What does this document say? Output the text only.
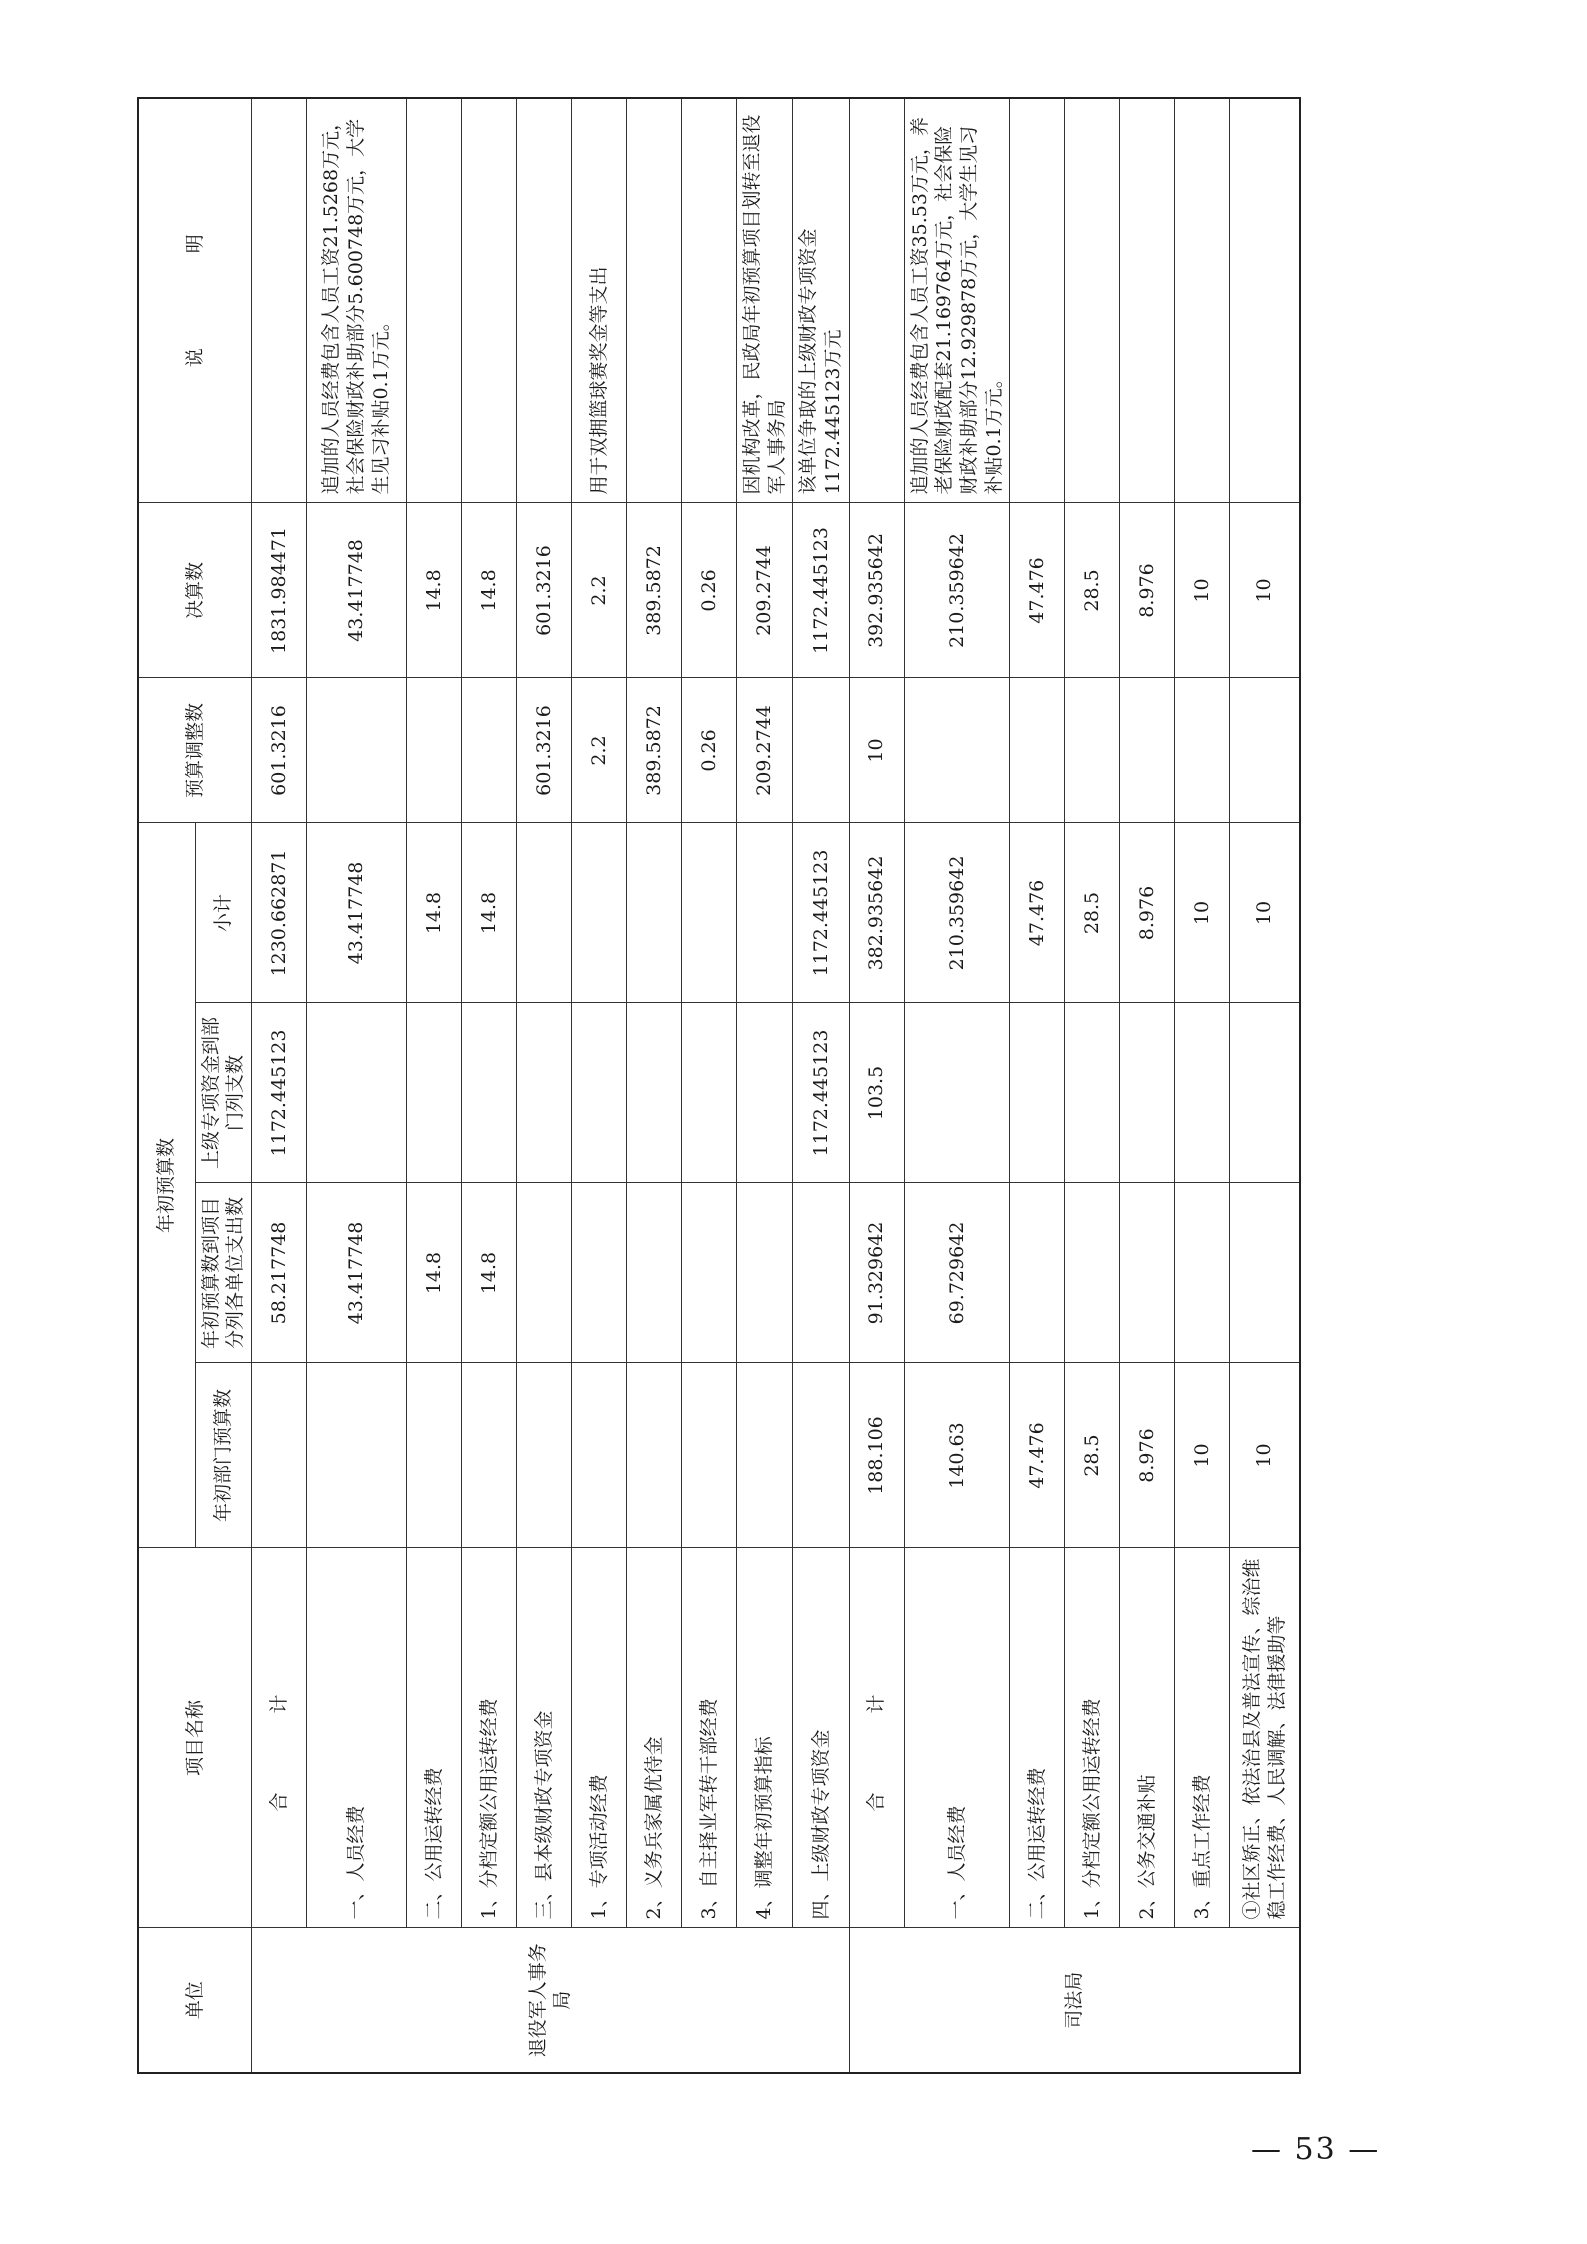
单位	项目名称	年初预算数				预算调整数	决算数	说　　　　　明
		年初部门预算数	年初预算数到项目分列各单位支出数	上级专项资金到部门列支数	小计			
退役军人事务局	合　计		58.217748	1172.445123	1230.662871	601.3216	1831.984471	
	一、人员经费		43.417748		43.417748		43.417748	追加的人员经费包含人员工资21.5268万元，社会保险财政补助部分5.600748万元，大学生见习补贴0.1万元。
	二、公用运转经费		14.8		14.8		14.8	
	1、分档定额公用运转经费		14.8		14.8		14.8	
	三、县本级财政专项资金					601.3216	601.3216	
	1、专项活动经费					2.2	2.2	用于双拥篮球赛奖金等支出
	2、义务兵家属优待金					389.5872	389.5872	
	3、自主择业军转干部经费					0.26	0.26	
	4、调整年初预算指标					209.2744	209.2744	因机构改革，民政局年初预算项目划转至退役军人事务局
	四、上级财政专项资金			1172.445123	1172.445123		1172.445123	该单位争取的上级财政专项资金1172.445123万元
司法局	合　计	188.106	91.329642	103.5	382.935642	10	392.935642	
	一、人员经费	140.63	69.729642		210.359642		210.359642	追加的人员经费包含人员工资35.53万元，养老保险财政配套21.169764万元，社会保险财政补助部分12.929878万元，大学生见习补贴0.1万元。
	二、公用运转经费	47.476			47.476		47.476	
	1、分档定额公用运转经费	28.5			28.5		28.5	
	2、公务交通补贴	8.976			8.976		8.976	
	3、重点工作经费	10			10		10	
	①社区矫正、依法治县及普法宣传、综治维稳工作经费、人民调解、法律援助等	10			10		10	
— 53 —
